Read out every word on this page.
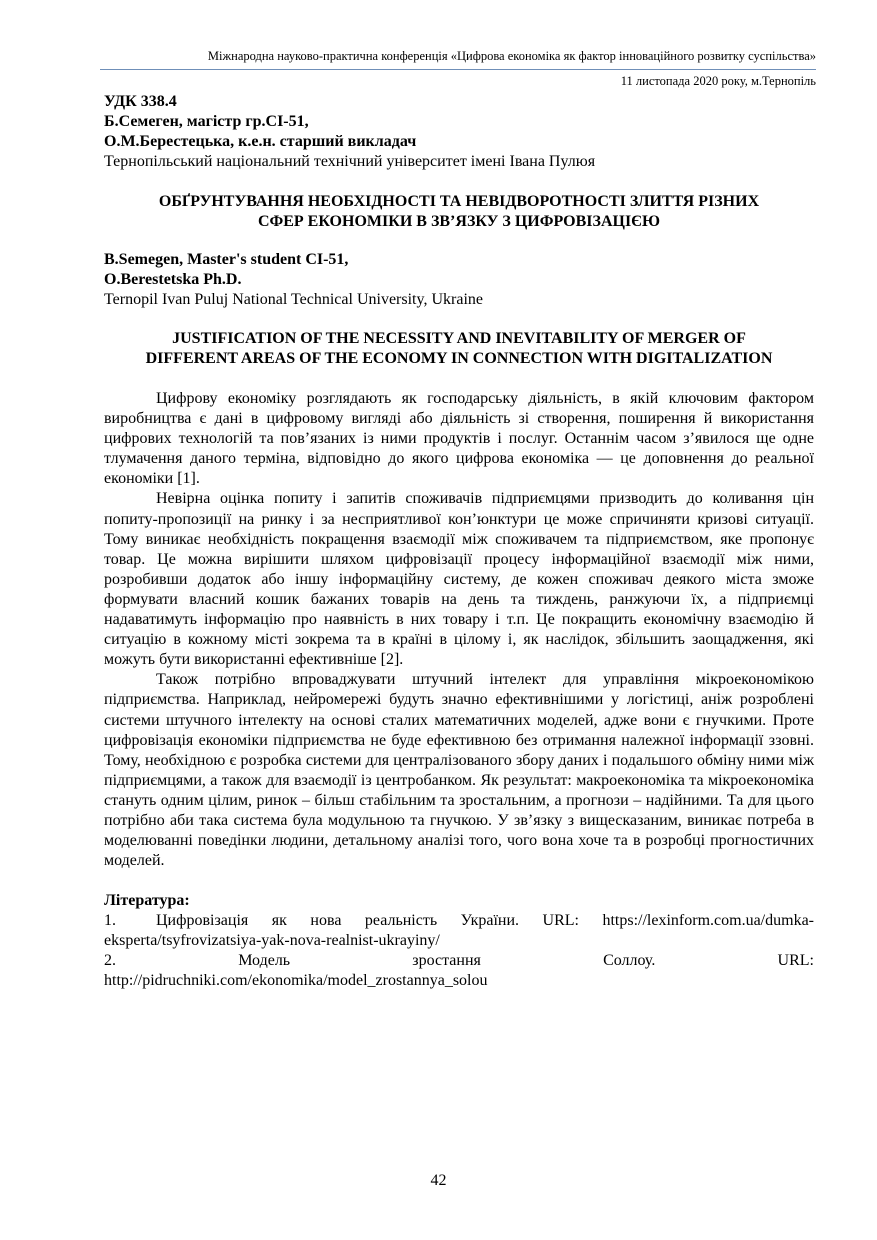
Міжнародна науково-практична конференція «Цифрова економіка як фактор інноваційного розвитку суспільства»
11 листопада 2020 року, м.Тернопіль

УДК 338.4

Б.Семеген, магістр гр.СІ-51,

О.М.Берестецька, к.е.н. старший викладач

Тернопільський національний технічний університет імені Івана Пулюя

ОБҐРУНТУВАННЯ НЕОБХІДНОСТІ ТА НЕВІДВОРОТНОСТІ ЗЛИТТЯ РІЗНИХ
СФЕР ЕКОНОМІКИ В ЗВ’ЯЗКУ З ЦИФРОВІЗАЦІЄЮ

B.Semegen, Master's student CI-51,

O.Berestetska Ph.D.

Ternopil Ivan Puluj National Technical University, Ukraine

JUSTIFICATION OF THE NECESSITY AND INEVITABILITY OF MERGER OF
DIFFERENT AREAS OF THE ECONOMY IN CONNECTION WITH DIGITALIZATION

Цифрову економіку розглядають як господарську діяльність, в якій ключовим фактором виробництва є дані в цифровому вигляді або діяльність зі створення, поширення й використання цифрових технологій та пов’язаних із ними продуктів і послуг. Останнім часом з’явилося ще одне тлумачення даного терміна, відповідно до якого цифрова економіка — це доповнення до реальної економіки [1].

Невірна оцінка попиту і запитів споживачів підприємцями призводить до коливання цін попиту-пропозиції на ринку і за несприятливої кон’юнктури це може спричиняти кризові ситуації. Тому виникає необхідність покращення взаємодії між споживачем та підприємством, яке пропонує товар. Це можна вирішити шляхом цифровізації процесу інформаційної взаємодії між ними, розробивши додаток або іншу інформаційну систему, де кожен споживач деякого міста зможе формувати власний кошик бажаних товарів на день та тиждень, ранжуючи їх, а підприємці надаватимуть інформацію про наявність в них товару і т.п. Це покращить економічну взаємодію й ситуацію в кожному місті зокрема та в країні в цілому і, як наслідок, збільшить заощадження, які можуть бути використанні ефективніше [2].

Також потрібно впроваджувати штучний інтелект для управління мікроекономікою підприємства. Наприклад, нейромережі будуть значно ефективнішими у логістиці, аніж розроблені системи штучного інтелекту на основі сталих математичних моделей, адже вони є гнучкими. Проте цифровізація економіки підприємства не буде ефективною без отримання належної інформації ззовні. Тому, необхідною є розробка системи для централізованого збору даних і подальшого обміну ними між підприємцями, а також для взаємодії із центробанком. Як результат: макроекономіка та мікроекономіка стануть одним цілим, ринок – більш стабільним та зростальним, а прогнози – надійними. Та для цього потрібно аби така система була модульною та гнучкою. У зв’язку з вищесказаним, виникає потреба в моделюванні поведінки людини, детальному аналізі того, чого вона хоче та в розробці прогностичних моделей.

Література:

1.	Цифровізація як нова реальність України. URL: https://lexinform.com.ua/dumka-eksperta/tsyfrovizatsiya-yak-nova-realnist-ukrayiny/

2.	Модель	зростання	Соллоу.	URL:

http://pidruchniki.com/ekonomika/model_zrostannya_solou

42
